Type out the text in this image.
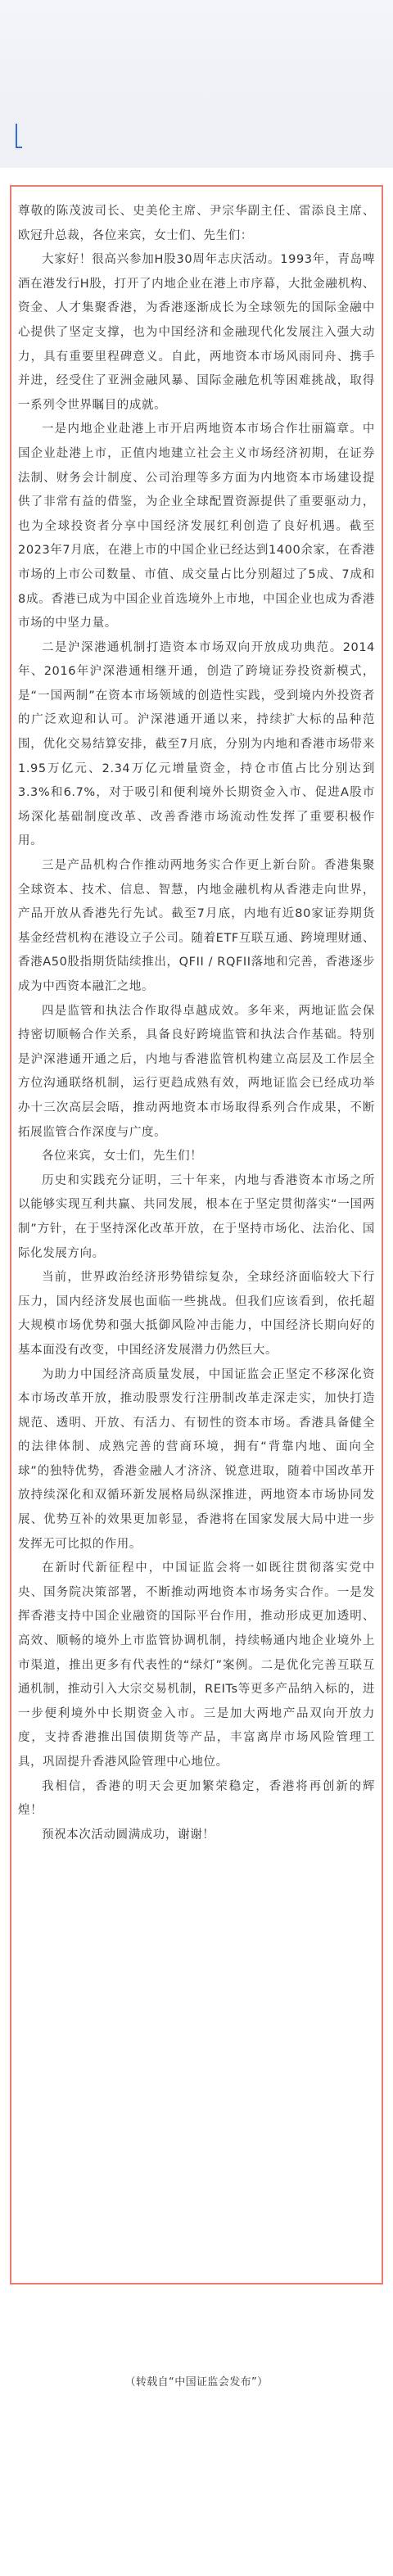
尊敬的陈茂波司长、史美伦主席、尹宗华副主任、雷添良主席、欧冠升总裁，各位来宾，女士们、先生们：

大家好！很高兴参加H股30周年志庆活动。1993年，青岛啤酒在港发行H股，打开了内地企业在港上市序幕，大批金融机构、资金、人才集聚香港，为香港逐渐成长为全球领先的国际金融中心提供了坚定支撑，也为中国经济和金融现代化发展注入强大动力，具有重要里程碑意义。自此，两地资本市场风雨同舟、携手并进，经受住了亚洲金融风暴、国际金融危机等困难挑战，取得一系列令世界瞩目的成就。

一是内地企业赴港上市开启两地资本市场合作壮丽篇章。中国企业赴港上市，正值内地建立社会主义市场经济初期，在证券法制、财务会计制度、公司治理等多方面为内地资本市场建设提供了非常有益的借鉴，为企业全球配置资源提供了重要驱动力，也为全球投资者分享中国经济发展红利创造了良好机遇。截至2023年7月底，在港上市的中国企业已经达到1400余家，在香港市场的上市公司数量、市值、成交量占比分别超过了5成、7成和8成。香港已成为中国企业首选境外上市地，中国企业也成为香港市场的中坚力量。

二是沪深港通机制打造资本市场双向开放成功典范。2014年、2016年沪深港通相继开通，创造了跨境证券投资新模式，是“一国两制”在资本市场领域的创造性实践，受到境内外投资者的广泛欢迎和认可。沪深港通开通以来，持续扩大标的品种范围，优化交易结算安排，截至7月底，分别为内地和香港市场带来1.95万亿元、2.34万亿元增量资金，持仓市值占比分别达到3.3%和6.7%，对于吸引和便利境外长期资金入市、促进A股市场深化基础制度改革、改善香港市场流动性发挥了重要积极作用。

三是产品机构合作推动两地务实合作更上新台阶。香港集聚全球资本、技术、信息、智慧，内地金融机构从香港走向世界，产品开放从香港先行先试。截至7月底，内地有近80家证券期货基金经营机构在港设立子公司。随着ETF互联互通、跨境理财通、香港A50股指期货陆续推出，QFII / RQFII落地和完善，香港逐步成为中西资本融汇之地。

四是监管和执法合作取得卓越成效。多年来，两地证监会保持密切顺畅合作关系，具备良好跨境监管和执法合作基础。特别是沪深港通开通之后，内地与香港监管机构建立高层及工作层全方位沟通联络机制，运行更趋成熟有效，两地证监会已经成功举办十三次高层会晤，推动两地资本市场取得系列合作成果，不断拓展监管合作深度与广度。

各位来宾，女士们，先生们！

历史和实践充分证明，三十年来，内地与香港资本市场之所以能够实现互利共赢、共同发展，根本在于坚定贯彻落实“一国两制”方针，在于坚持深化改革开放，在于坚持市场化、法治化、国际化发展方向。

当前，世界政治经济形势错综复杂，全球经济面临较大下行压力，国内经济发展也面临一些挑战。但我们应该看到，依托超大规模市场优势和强大抵御风险冲击能力，中国经济长期向好的基本面没有改变，中国经济发展潜力仍然巨大。

为助力中国经济高质量发展，中国证监会正坚定不移深化资本市场改革开放，推动股票发行注册制改革走深走实，加快打造规范、透明、开放、有活力、有韧性的资本市场。香港具备健全的法律体制、成熟完善的营商环境，拥有“背靠内地、面向全球”的独特优势，香港金融人才济济、锐意进取，随着中国改革开放持续深化和双循环新发展格局纵深推进，两地资本市场协同发展、优势互补的效果更加彰显，香港将在国家发展大局中进一步发挥无可比拟的作用。

在新时代新征程中，中国证监会将一如既往贯彻落实党中央、国务院决策部署，不断推动两地资本市场务实合作。一是发挥香港支持中国企业融资的国际平台作用，推动形成更加透明、高效、顺畅的境外上市监管协调机制，持续畅通内地企业境外上市渠道，推出更多有代表性的“绿灯”案例。二是优化完善互联互通机制，推动引入大宗交易机制，REITs等更多产品纳入标的，进一步便利境外中长期资金入市。三是加大两地产品双向开放力度，支持香港推出国债期货等产品，丰富离岸市场风险管理工具，巩固提升香港风险管理中心地位。

我相信，香港的明天会更加繁荣稳定，香港将再创新的辉煌！

预祝本次活动圆满成功，谢谢！

（转载自“中国证监会发布”）
